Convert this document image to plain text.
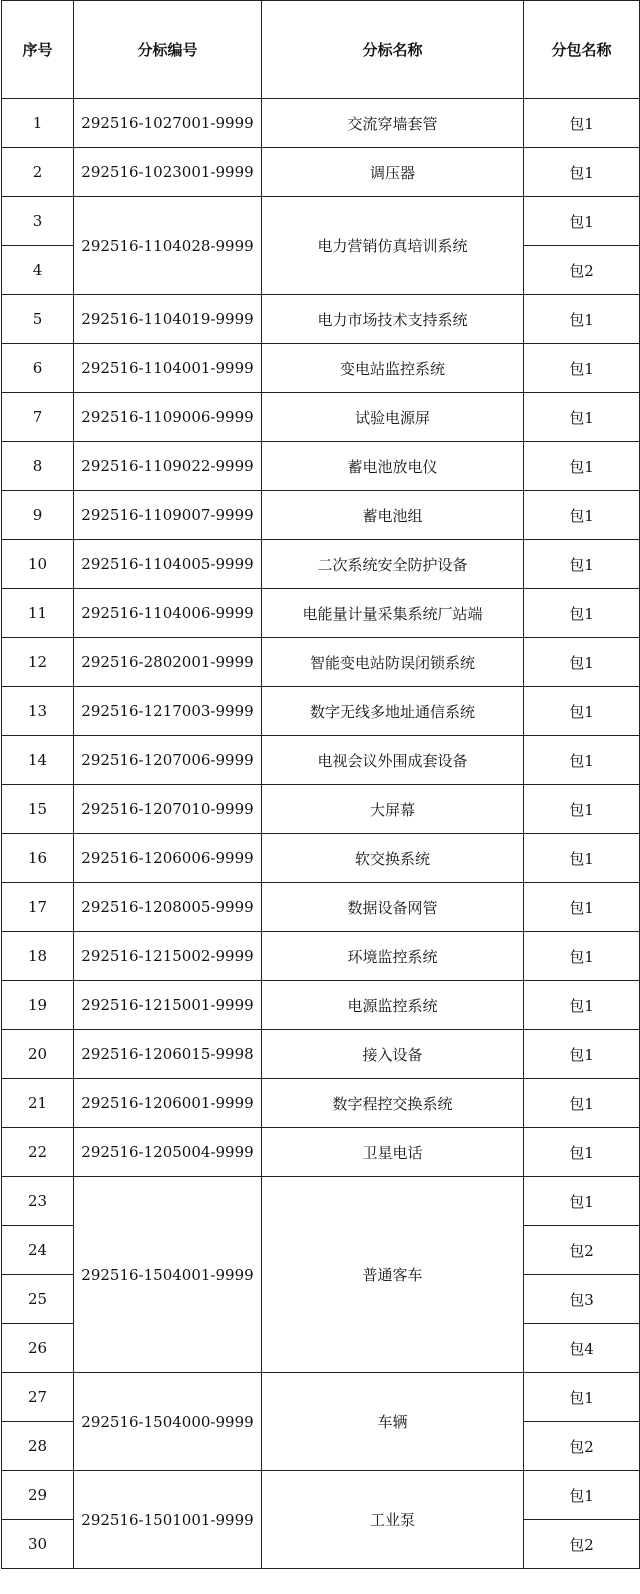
序号	分标编号	分标名称	分包名称
1	292516-1027001-9999	交流穿墙套管	包1
2	292516-1023001-9999	调压器	包1
3	292516-1104028-9999	电力营销仿真培训系统	包1
4			包2
5	292516-1104019-9999	电力市场技术支持系统	包1
6	292516-1104001-9999	变电站监控系统	包1
7	292516-1109006-9999	试验电源屏	包1
8	292516-1109022-9999	蓄电池放电仪	包1
9	292516-1109007-9999	蓄电池组	包1
10	292516-1104005-9999	二次系统安全防护设备	包1
11	292516-1104006-9999	电能量计量采集系统厂站端	包1
12	292516-2802001-9999	智能变电站防误闭锁系统	包1
13	292516-1217003-9999	数字无线多地址通信系统	包1
14	292516-1207006-9999	电视会议外围成套设备	包1
15	292516-1207010-9999	大屏幕	包1
16	292516-1206006-9999	软交换系统	包1
17	292516-1208005-9999	数据设备网管	包1
18	292516-1215002-9999	环境监控系统	包1
19	292516-1215001-9999	电源监控系统	包1
20	292516-1206015-9998	接入设备	包1
21	292516-1206001-9999	数字程控交换系统	包1
22	292516-1205004-9999	卫星电话	包1
23	292516-1504001-9999	普通客车	包1
24			包2
25			包3
26			包4
27	292516-1504000-9999	车辆	包1
28			包2
29	292516-1501001-9999	工业泵	包1
30			包2
